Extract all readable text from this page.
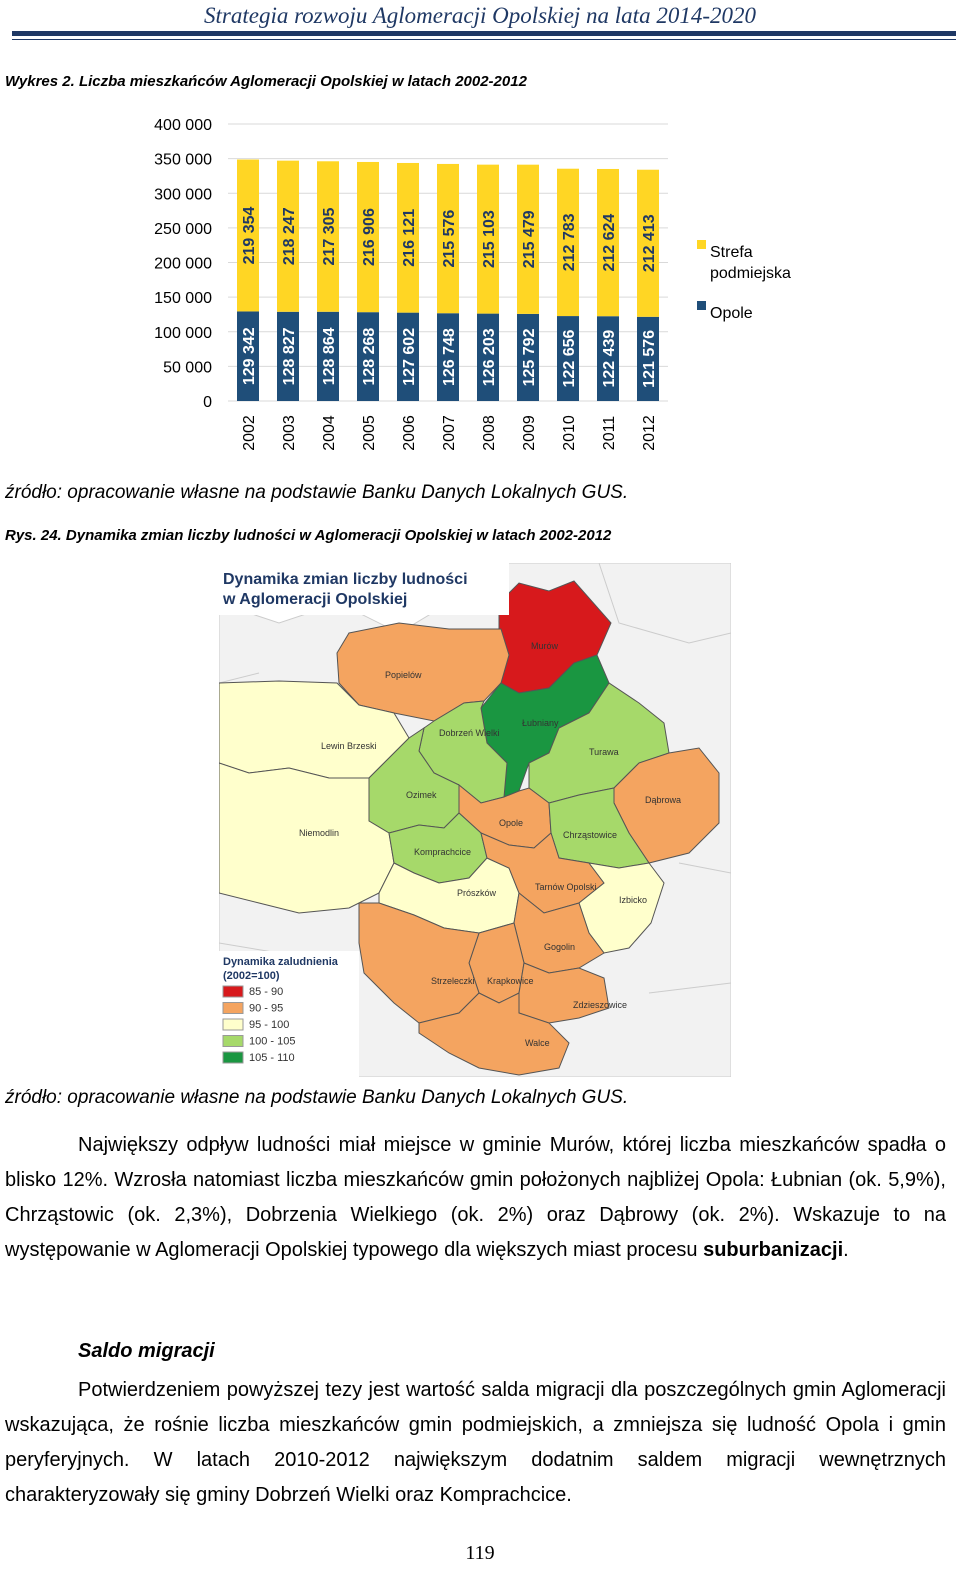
Strategia rozwoju Aglomeracji Opolskiej na lata 2014-2020
Wykres 2. Liczba mieszkańców Aglomeracji Opolskiej w latach 2002-2012
0
50 000
100 000
150 000
200 000
250 000
300 000
350 000
400 000
129 342
219 354
2002
128 827
218 247
2003
128 864
217 305
2004
128 268
216 906
2005
127 602
216 121
2006
126 748
215 576
2007
126 203
215 103
2008
125 792
215 479
2009
122 656
212 783
2010
122 439
212 624
2011
121 576
212 413
2012
Strefa podmiejska
Opole
źródło: opracowanie własne na podstawie Banku Danych Lokalnych GUS.
Rys. 24. Dynamika zmian liczby ludności w Aglomeracji Opolskiej w latach 2002-2012
Dynamika zmian liczby ludności
w Aglomeracji Opolskiej
Murów
Popielów
Łubniany
Lewin Brzeski
Dobrzeń Wielki
Turawa
Dąbrowa
Ozimek
Niemodlin
Opole
Chrząstowice
Komprachcice
Prószków
Tarnów Opolski
Izbicko
Gogolin
Strzeleczki Krapkowice
Zdzieszowice
Walce
Dynamika zaludnienia
(2002=100)
85 - 90
90 - 95
95 - 100
100 - 105
105 - 110
źródło: opracowanie własne na podstawie Banku Danych Lokalnych GUS.
Największy odpływ ludności miał miejsce w gminie Murów, której liczba mieszkańców spadła o blisko 12%. Wzrosła natomiast liczba mieszkańców gmin położonych najbliżej Opola: Łubnian (ok. 5,9%), Chrząstowic (ok. 2,3%), Dobrzenia Wielkiego (ok. 2%) oraz Dąbrowy (ok. 2%). Wskazuje to na występowanie w Aglomeracji Opolskiej typowego dla większych miast procesu suburbanizacji.
Saldo migracji
Potwierdzeniem powyższej tezy jest wartość salda migracji dla poszczególnych gmin Aglomeracji wskazująca, że rośnie liczba mieszkańców gmin podmiejskich, a zmniejsza się ludność Opola i gmin peryferyjnych. W latach 2010-2012 największym dodatnim saldem migracji wewnętrznych charakteryzowały się gminy Dobrzeń Wielki oraz Komprachcice.
119
